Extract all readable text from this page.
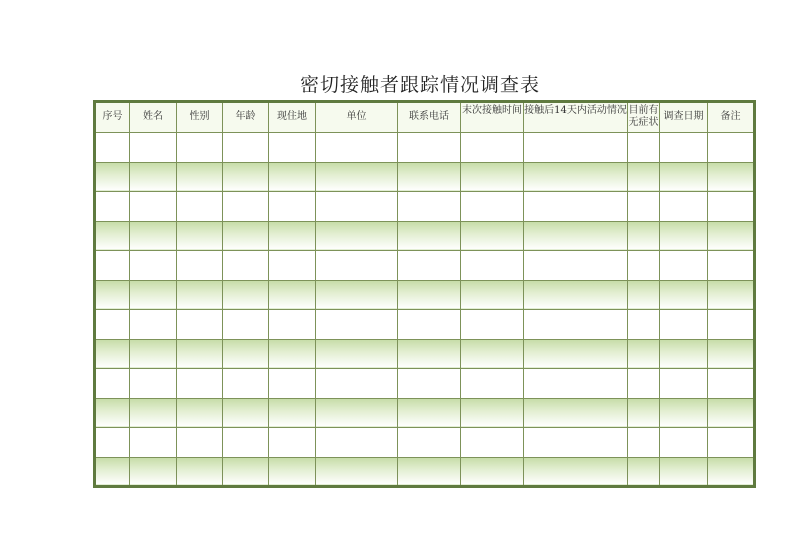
密切接触者跟踪情况调查表
序号	姓名	性别	年龄	现住地	单位	联系电话	末次接触时间	接触后14天内活动情况	目前有无症状	调查日期	备注
